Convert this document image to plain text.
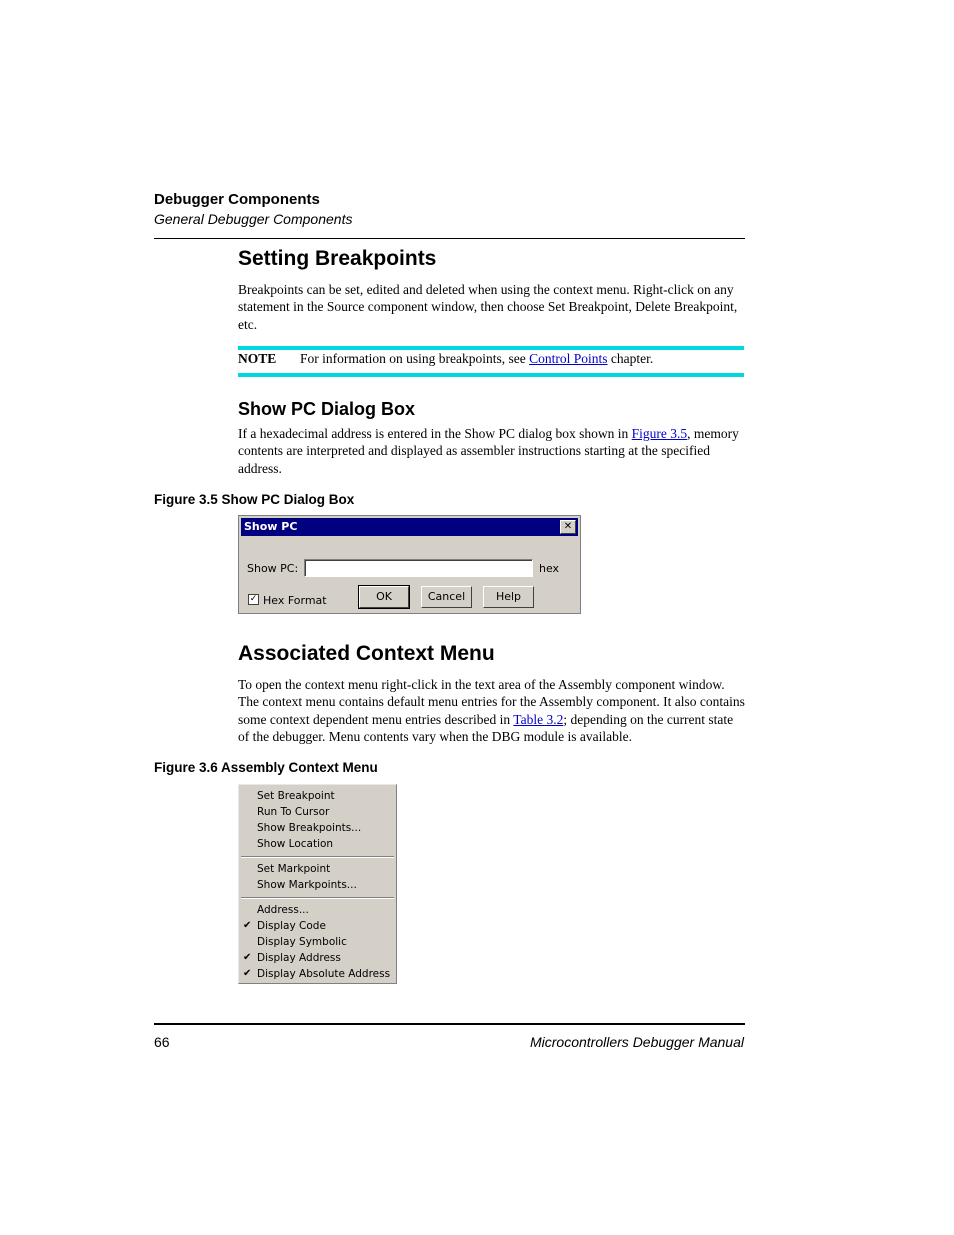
Debugger Components
General Debugger Components
Setting Breakpoints

Breakpoints can be set, edited and deleted when using the context menu. Right-click on any statement in the Source component window, then choose Set Breakpoint, Delete Breakpoint, etc.

NOTE For information on using breakpoints, see Control Points chapter.
Show PC Dialog Box

If a hexadecimal address is entered in the Show PC dialog box shown in Figure 3.5, memory contents are interpreted and displayed as assembler instructions starting at the specified address.

Figure 3.5 Show PC Dialog Box

Show PC	✕
Show PC:	hex
✓ Hex Format	OK	Cancel	Help
Associated Context Menu

To open the context menu right-click in the text area of the Assembly component window. The context menu contains default menu entries for the Assembly component. It also contains some context dependent menu entries described in Table 3.2; depending on the current state of the debugger. Menu contents vary when the DBG module is available.

Figure 3.6 Assembly Context Menu

Set Breakpoint
Run To Cursor
Show Breakpoints...
Show Location
Set Markpoint
Show Markpoints...
Address...
✔ Display Code
Display Symbolic
✔ Display Address
✔ Display Absolute Address
66	Microcontrollers Debugger Manual
